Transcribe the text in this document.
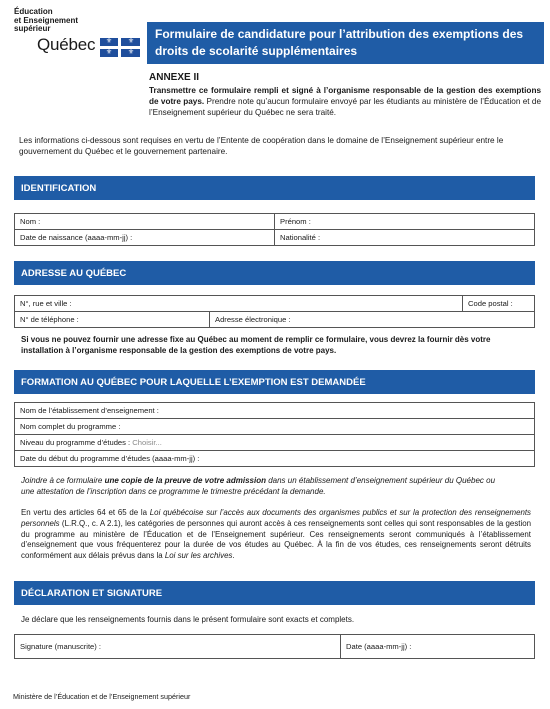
Éducation
et Enseignement
supérieur
Québec	⚜	⚜
⚜	⚜
Formulaire de candidature pour l’attribution des exemptions des droits de scolarité supplémentaires
ANNEXE II
Transmettre ce formulaire rempli et signé à l’organisme responsable de la gestion des exemptions de votre pays. Prendre note qu’aucun formulaire envoyé par les étudiants au ministère de l’Éducation et de l’Enseignement supérieur du Québec ne sera traité.
Les informations ci-dessous sont requises en vertu de l’Entente de coopération dans le domaine de l’Enseignement supérieur entre le gouvernement du Québec et le gouvernement partenaire.
IDENTIFICATION
Nom :	Prénom :
Date de naissance (aaaa-mm-jj) :	Nationalité :
ADRESSE AU QUÉBEC
N°, rue et ville :		Code postal :
N° de téléphone :	Adresse électronique :	
Si vous ne pouvez fournir une adresse fixe au Québec au moment de remplir ce formulaire, vous devrez la fournir dès votre installation à l’organisme responsable de la gestion des exemptions de votre pays.
FORMATION AU QUÉBEC POUR LAQUELLE L’EXEMPTION EST DEMANDÉE
Nom de l’établissement d’enseignement :
Nom complet du programme :
Niveau du programme d’études : Choisir...
Date du début du programme d’études (aaaa-mm-jj) :
Joindre à ce formulaire une copie de la preuve de votre admission dans un établissement d’enseignement supérieur du Québec ou
une attestation de l’inscription dans ce programme le trimestre précédant la demande.
En vertu des articles 64 et 65 de la Loi québécoise sur l’accès aux documents des organismes publics et sur la protection des renseignements personnels (L.R.Q., c. A 2.1), les catégories de personnes qui auront accès à ces renseignements sont celles qui sont responsables de la gestion du programme au ministère de l’Éducation et de l’Enseignement supérieur. Ces renseignements seront communiqués à l’établissement d’enseignement que vous fréquenterez pour la durée de vos études au Québec. À la fin de vos études, ces renseignements seront détruits conformément aux délais prévus dans la Loi sur les archives.
DÉCLARATION ET SIGNATURE
Je déclare que les renseignements fournis dans le présent formulaire sont exacts et complets.
Signature (manuscrite) :	Date (aaaa-mm-jj) :
Ministère de l’Éducation et de l’Enseignement supérieur
